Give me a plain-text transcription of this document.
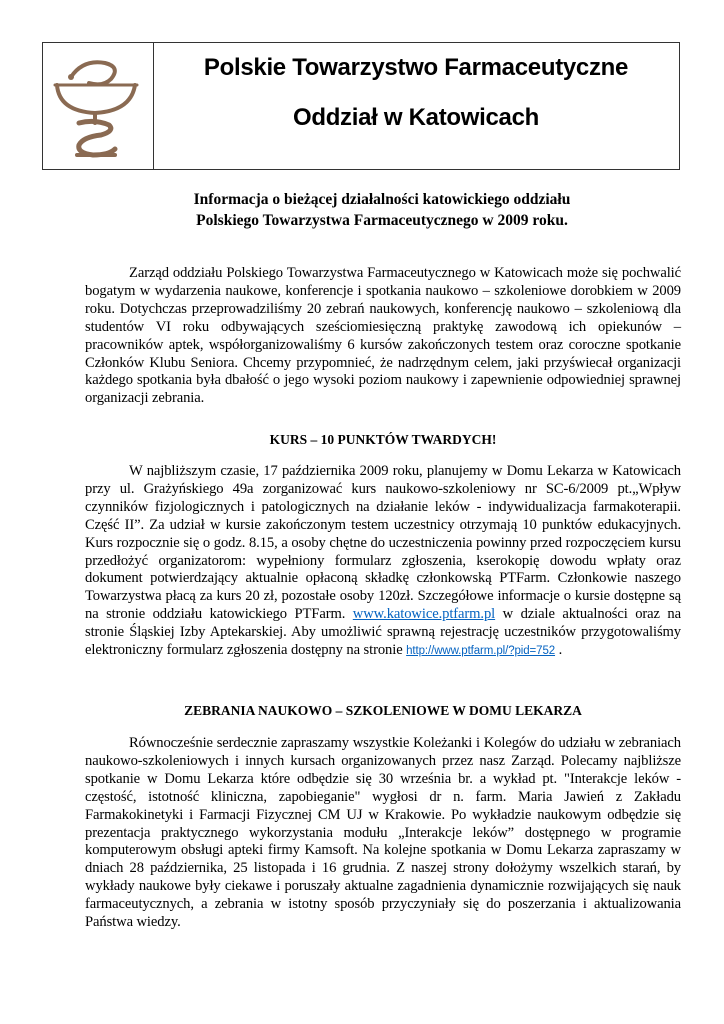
Polskie Towarzystwo Farmaceutyczne
Oddział w Katowicach
Informacja o bieżącej działalności katowickiego oddziału
Polskiego Towarzystwa Farmaceutycznego w 2009 roku.
Zarząd oddziału Polskiego Towarzystwa Farmaceutycznego w Katowicach może się pochwalić bogatym w wydarzenia naukowe, konferencje i spotkania naukowo – szkoleniowe dorobkiem w 2009 roku. Dotychczas przeprowadziliśmy 20 zebrań naukowych, konferencję naukowo – szkoleniową dla studentów VI roku odbywających sześciomiesięczną praktykę zawodową ich opiekunów – pracowników aptek, współorganizowaliśmy 6 kursów zakończonych testem oraz coroczne spotkanie Członków Klubu Seniora. Chcemy przypomnieć, że nadrzędnym celem, jaki przyświecał organizacji każdego spotkania była dbałość o jego wysoki poziom naukowy i zapewnienie odpowiedniej sprawnej organizacji zebrania.
KURS – 10 PUNKTÓW TWARDYCH!
W najbliższym czasie, 17 października 2009 roku, planujemy w Domu Lekarza w Katowicach przy ul. Grażyńskiego 49a zorganizować kurs naukowo-szkoleniowy nr SC-6/2009 pt.„Wpływ czynników fizjologicznych i patologicznych na działanie leków - indywidualizacja farmakoterapii. Część II”. Za udział w kursie zakończonym testem uczestnicy otrzymają 10 punktów edukacyjnych. Kurs rozpocznie się o godz. 8.15, a osoby chętne do uczestniczenia powinny przed rozpoczęciem kursu przedłożyć organizatorom: wypełniony formularz zgłoszenia, kserokopię dowodu wpłaty oraz dokument potwierdzający aktualnie opłaconą składkę członkowską PTFarm. Członkowie naszego Towarzystwa płacą za kurs 20 zł, pozostałe osoby 120zł. Szczegółowe informacje o kursie dostępne są na stronie oddziału katowickiego PTFarm. www.katowice.ptfarm.pl w dziale aktualności oraz na stronie Śląskiej Izby Aptekarskiej. Aby umożliwić sprawną rejestrację uczestników przygotowaliśmy elektroniczny formularz zgłoszenia dostępny na stronie http://www.ptfarm.pl/?pid=752 .
ZEBRANIA NAUKOWO – SZKOLENIOWE W DOMU LEKARZA
Równocześnie serdecznie zapraszamy wszystkie Koleżanki i Kolegów do udziału w zebraniach naukowo-szkoleniowych i innych kursach organizowanych przez nasz Zarząd. Polecamy najbliższe spotkanie w Domu Lekarza które odbędzie się 30 września br. a wykład pt. "Interakcje leków - częstość, istotność kliniczna, zapobieganie" wygłosi dr n. farm. Maria Jawień z Zakładu Farmakokinetyki i Farmacji Fizycznej CM UJ w Krakowie. Po wykładzie naukowym odbędzie się prezentacja praktycznego wykorzystania modułu „Interakcje leków” dostępnego w programie komputerowym obsługi apteki firmy Kamsoft. Na kolejne spotkania w Domu Lekarza zapraszamy w dniach 28 października, 25 listopada i 16 grudnia. Z naszej strony dołożymy wszelkich starań, by wykłady naukowe były ciekawe i poruszały aktualne zagadnienia dynamicznie rozwijających się nauk farmaceutycznych, a zebrania w istotny sposób przyczyniały się do poszerzania i aktualizowania Państwa wiedzy.
